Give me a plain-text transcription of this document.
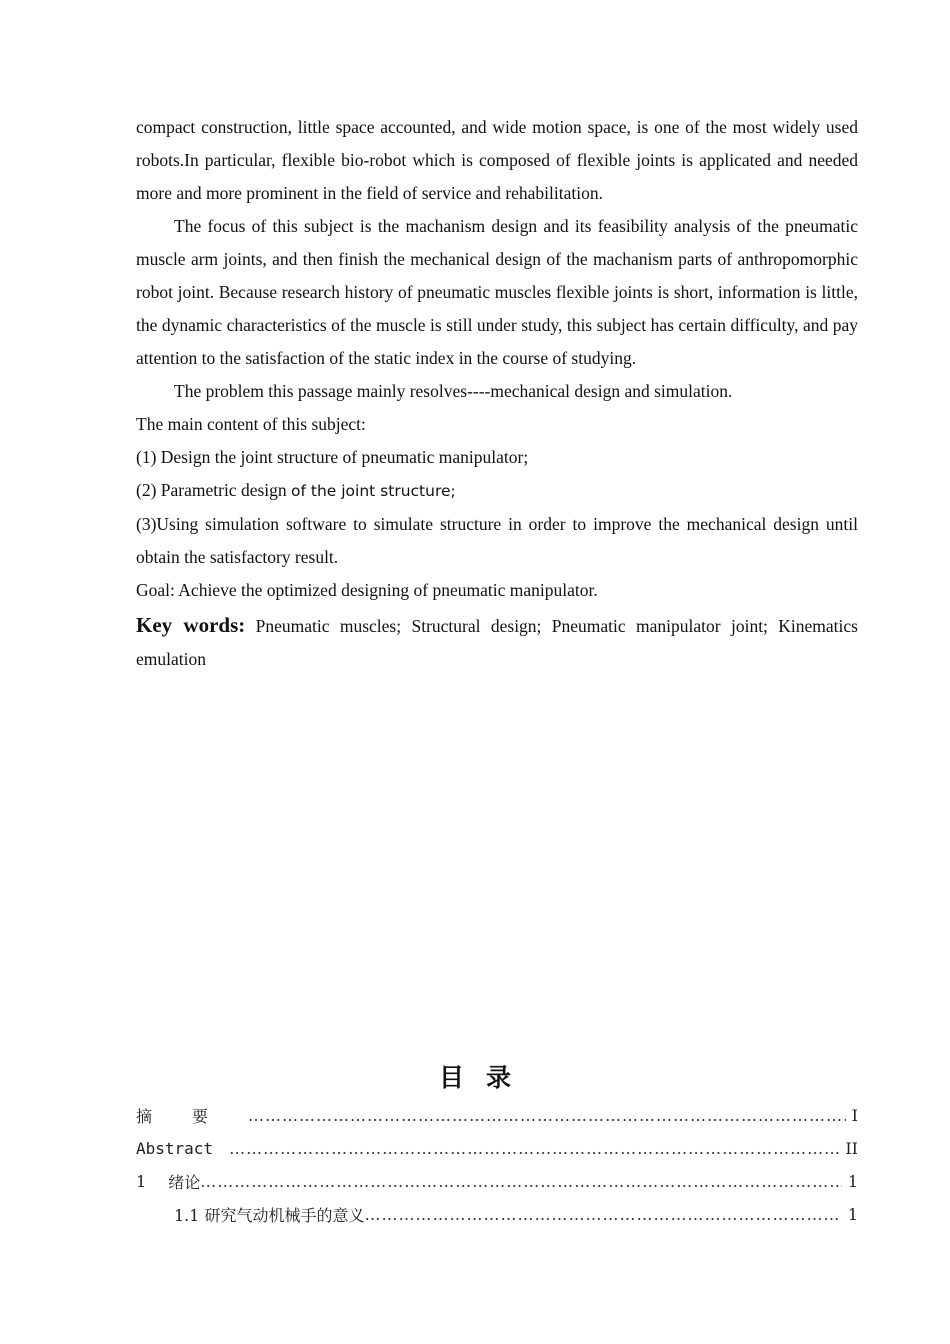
compact construction, little space accounted, and wide motion space, is one of the most widely used robots.In particular, flexible bio-robot which is composed of flexible joints is applicated and needed more and more prominent in the field of service and rehabilitation.

The focus of this subject is the machanism design and its feasibility analysis of the pneumatic muscle arm joints, and then finish the mechanical design of the machanism parts of anthropomorphic robot joint. Because research history of pneumatic muscles flexible joints is short, information is little, the dynamic characteristics of the muscle is still under study, this subject has certain difficulty, and pay attention to the satisfaction of the static index in the course of studying.

The problem this passage mainly resolves----mechanical design and simulation.

The main content of this subject:

(1) Design the joint structure of pneumatic manipulator;

(2) Parametric design of the joint structure;

(3)Using simulation software to simulate structure in order to improve the mechanical design until obtain the satisfactory result.

Goal: Achieve the optimized designing of pneumatic manipulator.

Key words: Pneumatic muscles; Structural design; Pneumatic manipulator joint; Kinematics emulation

目录
摘要 …………………………………………………………………………………………………………………………………………………………………………………………………………………	I
Abstract …………………………………………………………………………………………………………………………………………………………………………………………………………………	II
1 绪论 …………………………………………………………………………………………………………………………………………………………………………………………………………………	1
1.1 研究气动机械手的意义 …………………………………………………………………………………………………………………………………………………………………………………………………………………	1
